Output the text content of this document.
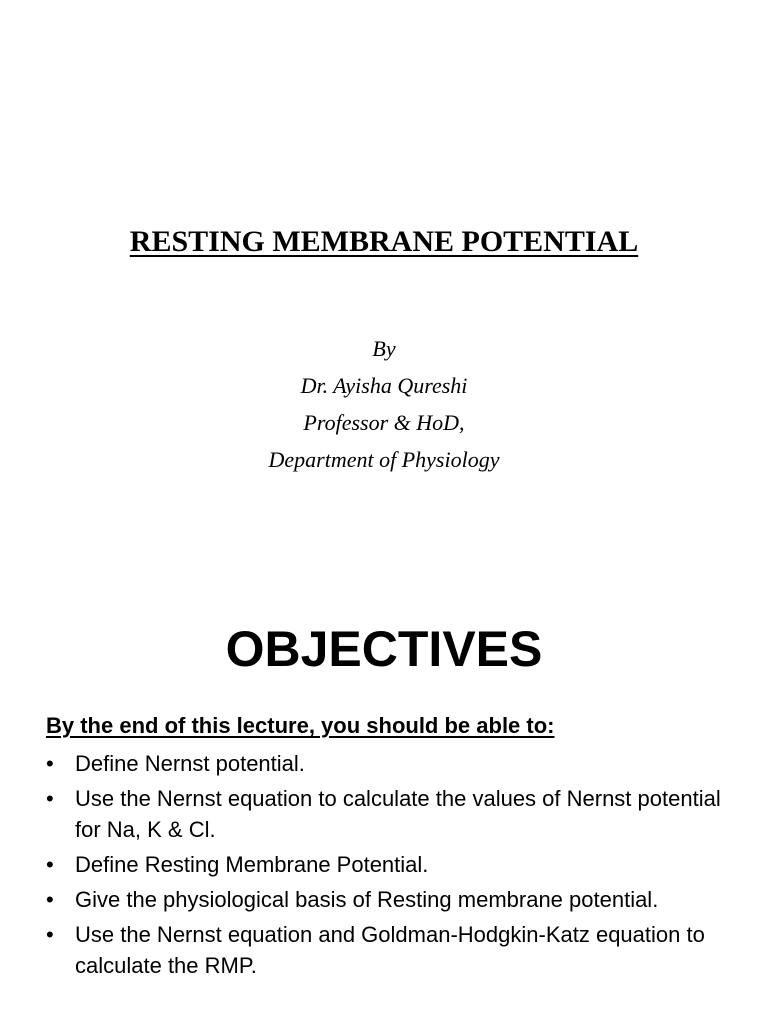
RESTING MEMBRANE POTENTIAL
By
Dr. Ayisha Qureshi
Professor & HoD,
Department of Physiology
OBJECTIVES
By the end of this lecture, you should be able to:
• Define Nernst potential.
• Use the Nernst equation to calculate the values of Nernst potential for Na, K & Cl.
• Define Resting Membrane Potential.
• Give the physiological basis of Resting membrane potential.
• Use the Nernst equation and Goldman-Hodgkin-Katz equation to calculate the RMP.
